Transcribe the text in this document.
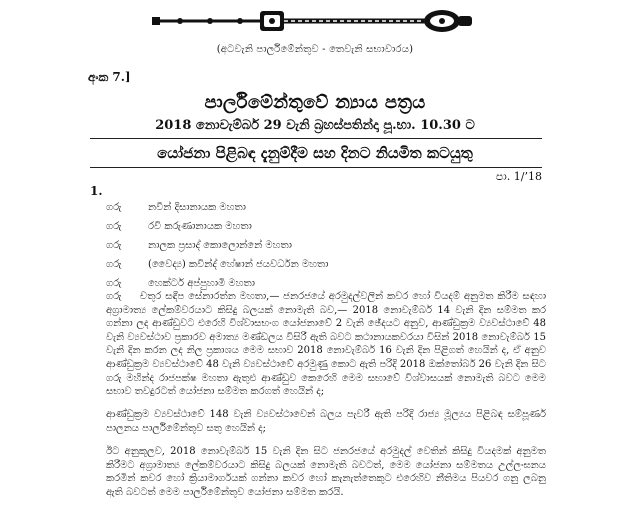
(අටවැනි පාර්ලිමේන්තුව - තෙවැනි සභාවාරය)
අංක 7.]
පාර්ලිමේන්තුවේ න්‍යාය පත්‍රය
2018 නොවැම්බර් 29 වැනි බ්‍රහස්පතින්දා පූ.භා. 10.30 ට
යෝජනා පිළිබඳ දැනුම්දීම සහ දිනට නියමිත කටයුතු
පා. 1/’18
1.
ගරු	නවීන් දිසානායක මහතා
ගරු	රවි කරුණානායක මහතා
ගරු	නාලක ප්‍රසාද් කොලොන්නේ මහතා
ගරු	(වෛද්‍ය) කවින්ද් හේෂාන් ජයවර්ධන මහතා
ගරු	හෙක්ටර් අප්පුහාමි මහතා
ගරු චතුර සඳීප සේනාරත්න මහතා,— ජනරජයේ අරමුදල්වලින් කවර හෝ වියදම් අනුමත කිරීම සඳහා අග්‍රාමාත්‍ය ලේකම්වරයාට කිසිදු බලයක් නොමැති බව,— 2018 නොවැම්බර් 14 වැනි දින සම්මත කර ගන්නා ලද ආණ්ඩුවට එරෙහි විශ්වාසභංග යෝජනාවේ 2 වැනි ඡේදයට අනුව, ආණ්ඩුක්‍රම ව්‍යවස්ථාවේ 48 වැනි ව්‍යවස්ථාව ප්‍රකාරව අමාත්‍ය මණ්ඩලය විසිරී ඇති බවට කථානායකවරයා විසින් 2018 නොවැම්බර් 15 වැනි දින කරන ලද නිල ප්‍රකාශය මෙම සභාව 2018 නොවැම්බර් 16 වැනි දින පිළිගත් හෙයින් ද, ඒ අනුව ආණ්ඩුක්‍රම ව්‍යවස්ථාවේ 48 වැනි ව්‍යවස්ථාවේ අරමුණු කොට ඇති පරිදි 2018 ඔක්තෝබර් 26 වැනි දින සිට ගරු මහින්ද රාජපක්ෂ මහතා ඇතුළු ආණ්ඩුව කෙරෙහි මෙම සභාවේ විශ්වාසයක් නොමැති බවට මෙම සභාව තවදුරටත් යෝජනා සම්මත කරගත් හෙයින් ද;
ආණ්ඩුක්‍රම ව්‍යවස්ථාවේ 148 වැනි ව්‍යවස්ථාවෙන් බලය පැවරී ඇති පරිදි රාජ්‍ය මූල්‍යය පිළිබඳ සම්පූර්ණ පාලනය පාර්ලිමේන්තුව සතු හෙයින් ද;
ඊට අනුකූලව, 2018 නොවැම්බර් 15 වැනි දින සිට ජනරජයේ අරමුදල් වෙතින් කිසිදු වියදමක් අනුමත කිරීමට අග්‍රාමාත්‍ය ලේකම්වරයාට කිසිදු බලයක් නොමැති බවටත්, මෙම යෝජනා සම්මතය උල්ලංඝනය කරමින් කවර හෝ ක්‍රියාමාර්ගයක් ගන්නා කවර හෝ කැනැත්තෙකුට එරෙහිව නීතිමය පියවර ගනු ලබනු ඇති බවටත් මෙම පාර්ලිමේන්තුව යෝජනා සම්මත කරයි.
